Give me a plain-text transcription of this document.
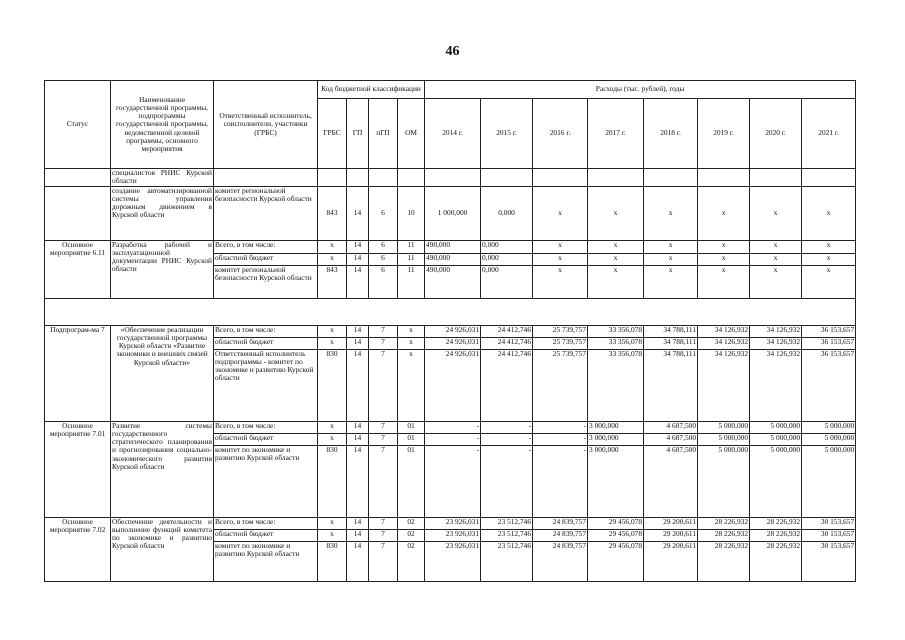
46
Статус	Наименование государственной программы, подпрограммы государственной программы, ведомственной целевой программы, основного мероприятия	Ответственный исполнитель, соисполнители, участники (ГРБС)	Код бюджетной классификации				Расходы (тыс. рублей), годы							
			ГРБС	ГП	пГП	ОМ	2014 г.	2015 г.	2016 г.	2017 г.	2018 г.	2019 г.	2020 г.	2021 г.
	специалистов РНИС Курской области													
	создание автоматизированной системы управления дорожным движением в Курской области	комитет региональной безопасности Курской области	843	14	6	10	1 000,000	0,000	x	x	x	x	x	x
Основное мероприятие 6.11	Разработка рабочей и эксплуатационной документации РНИС Курской области	Всего, в том числе:	x	14	6	11	490,000	0,000	x	x	x	x	x	x
		областной бюджет	x	14	6	11	490,000	0,000	x	x	x	x	x	x
		комитет региональной безопасности Курской области	843	14	6	11	490,000	0,000	x	x	x	x	x	x

Подпрограм-ма 7	«Обеспечение реализации государственной программы Курской области «Развитие экономики и внешних связей Курской области»	Всего, в том числе:	x	14	7	x	24 926,031	24 412,746	25 739,757	33 356,078	34 788,111	34 126,932	34 126,932	36 153,657
		областной бюджет	x	14	7	x	24 926,031	24 412,746	25 739,757	33 356,078	34 788,111	34 126,932	34 126,932	36 153,657
		Ответственный исполнитель подпрограммы - комитет по экономике и развитию Курской области	830	14	7	x	24 926,031	24 412,746	25 739,757	33 356,078	34 788,111	34 126,932	34 126,932	36 153,657
Основное мероприятие 7.01	Развитие системы государственного стратегического планирования и прогнозирования социально-экономического развития Курской области	Всего, в том числе:	x	14	7	01	-	-	-	3 000,000	4 687,500	5 000,000	5 000,000	5 000,000
		областной бюджет	x	14	7	01	-	-	-	3 000,000	4 687,500	5 000,000	5 000,000	5 000,000
		комитет по экономике и развитию Курской области	830	14	7	01	-	-	-	3 000,000	4 687,500	5 000,000	5 000,000	5 000,000
Основное мероприятие 7.02	Обеспечение деятельности и выполнение функций комитета по экономике и развитию Курской области	Всего, в том числе:	x	14	7	02	23 926,031	23 512,746	24 839,757	29 456,078	29 200,611	28 226,932	28 226,932	30 153,657
		областной бюджет	x	14	7	02	23 926,031	23 512,746	24 839,757	29 456,078	29 200,611	28 226,932	28 226,932	30 153,657
		комитет по экономике и развитию Курской области	830	14	7	02	23 926,031	23 512,746	24 839,757	29 456,078	29 200,611	28 226,932	28 226,932	30 153,657
